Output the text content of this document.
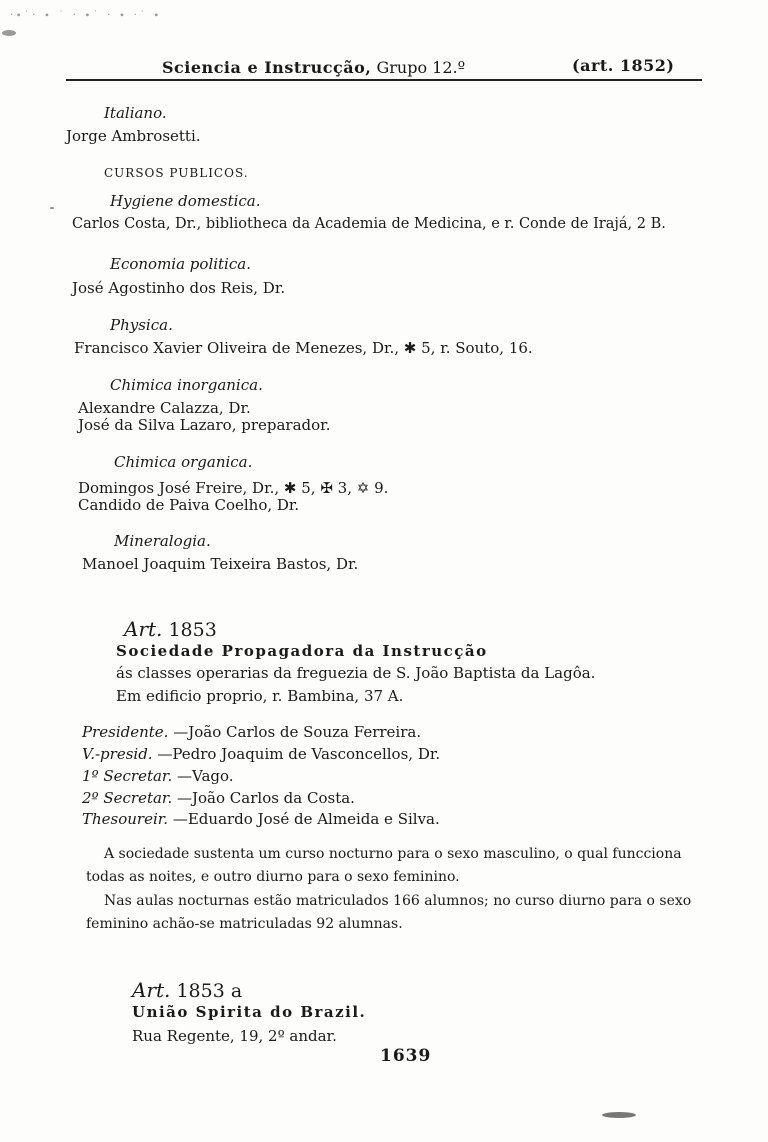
·∙˙· ∙ ˙ · ∙˙ · ∙ ·˙ ∙
Sciencia e Instrucção, Grupo 12.º	(art. 1852)
Italiano.
Jorge Ambrosetti.
CURSOS PUBLICOS.
Hygiene domestica.
Carlos Costa, Dr., bibliotheca da Academia de Medicina, e r. Conde de Irajá, 2 B.
Economia politica.
José Agostinho dos Reis, Dr.
Physica.
Francisco Xavier Oliveira de Menezes, Dr., ✱ 5, r. Souto, 16.
Chimica inorganica.
Alexandre Calazza, Dr.
José da Silva Lazaro, preparador.
Chimica organica.
Domingos José Freire, Dr., ✱ 5, ✠ 3, ✡ 9.
Candido de Paiva Coelho, Dr.
Mineralogia.
Manoel Joaquim Teixeira Bastos, Dr.
Art. 1853
Sociedade Propagadora da Instrucção
ás classes operarias da freguezia de S. João Baptista da Lagôa.
Em edificio proprio, r. Bambina, 37 A.
Presidente. —João Carlos de Souza Ferreira.
V.-presid. —Pedro Joaquim de Vasconcellos, Dr.
1º Secretar. —Vago.
2º Secretar. —João Carlos da Costa.
Thesoureir. —Eduardo José de Almeida e Silva.
A sociedade sustenta um curso nocturno para o sexo masculino, o qual funcciona
todas as noites, e outro diurno para o sexo feminino.
Nas aulas nocturnas estão matriculados 166 alumnos; no curso diurno para o sexo
feminino achão-se matriculadas 92 alumnas.
Art. 1853 a
União Spirita do Brazil.
Rua Regente, 19, 2º andar.
1639
